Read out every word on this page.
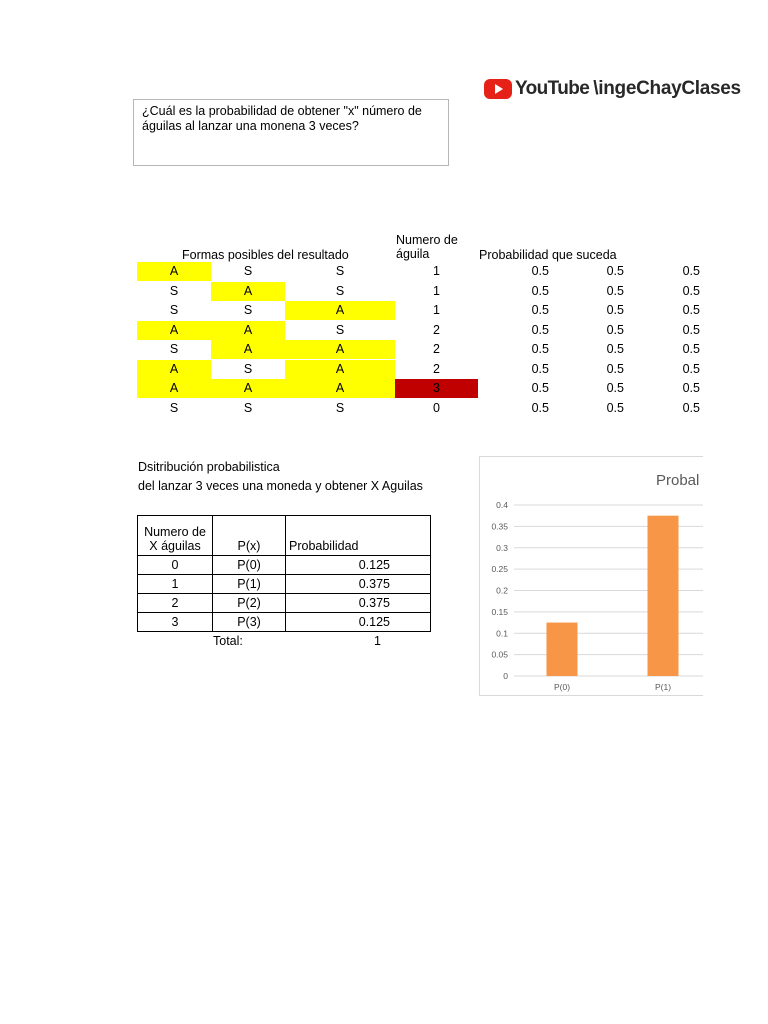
YouTube \ingeChayClases
¿Cuál es la probabilidad de obtener "x" número de águilas al lanzar una monena 3 veces?
Formas posibles del resultado
Numero de
águila	Probabilidad que suceda
A	S	S	1	0.5	0.5	0.5
S	A	S	1	0.5	0.5	0.5
S	S	A	1	0.5	0.5	0.5
A	A	S	2	0.5	0.5	0.5
S	A	A	2	0.5	0.5	0.5
A	S	A	2	0.5	0.5	0.5
A	A	A	3	0.5	0.5	0.5
S	S	S	0	0.5	0.5	0.5
Dsitribución probabilistica
del lanzar 3 veces una moneda y obtener X Aguilas
Numero de
X águilas	P(x)	Probabilidad
0	P(0)	0.125
1	P(1)	0.375
2	P(2)	0.375
3	P(3)	0.125
Total:	1
Probal
0
0.05
0.1
0.15
0.2
0.25
0.3
0.35
0.4
P(0)	P(1)
